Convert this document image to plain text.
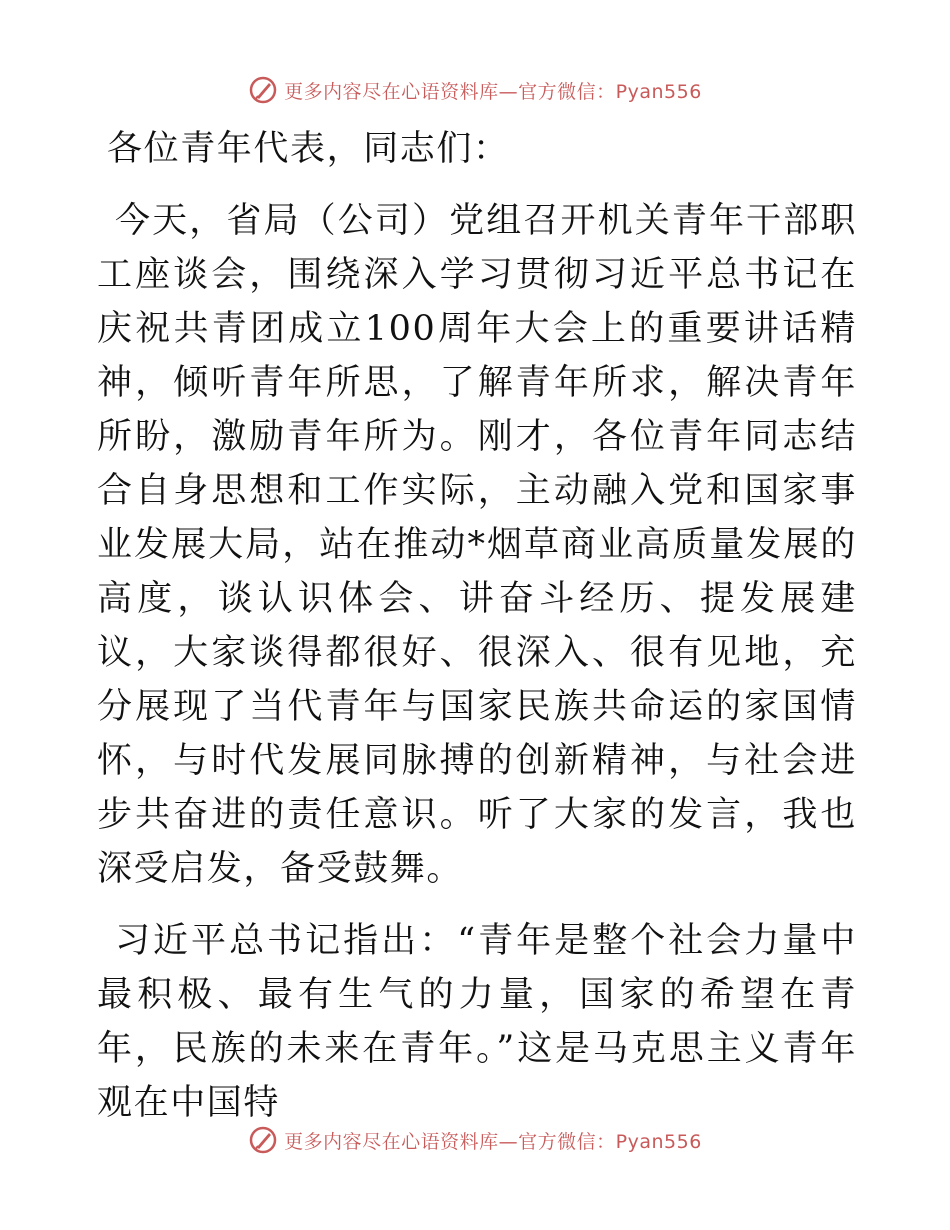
更多内容尽在心语资料库—官方微信：Pyan556

各位青年代表，同志们：

今天，省局（公司）党组召开机关青年干部职工座谈会，围绕深入学习贯彻习近平总书记在庆祝共青团成立100周年大会上的重要讲话精神，倾听青年所思，了解青年所求，解决青年所盼，激励青年所为。刚才，各位青年同志结合自身思想和工作实际，主动融入党和国家事业发展大局，站在推动*烟草商业高质量发展的高度，谈认识体会、讲奋斗经历、提发展建议，大家谈得都很好、很深入、很有见地，充分展现了当代青年与国家民族共命运的家国情怀，与时代发展同脉搏的创新精神，与社会进步共奋进的责任意识。听了大家的发言，我也深受启发，备受鼓舞。

习近平总书记指出：“青年是整个社会力量中最积极、最有生气的力量，国家的希望在青年，民族的未来在青年。”这是马克思主义青年观在中国特

更多内容尽在心语资料库—官方微信：Pyan556
